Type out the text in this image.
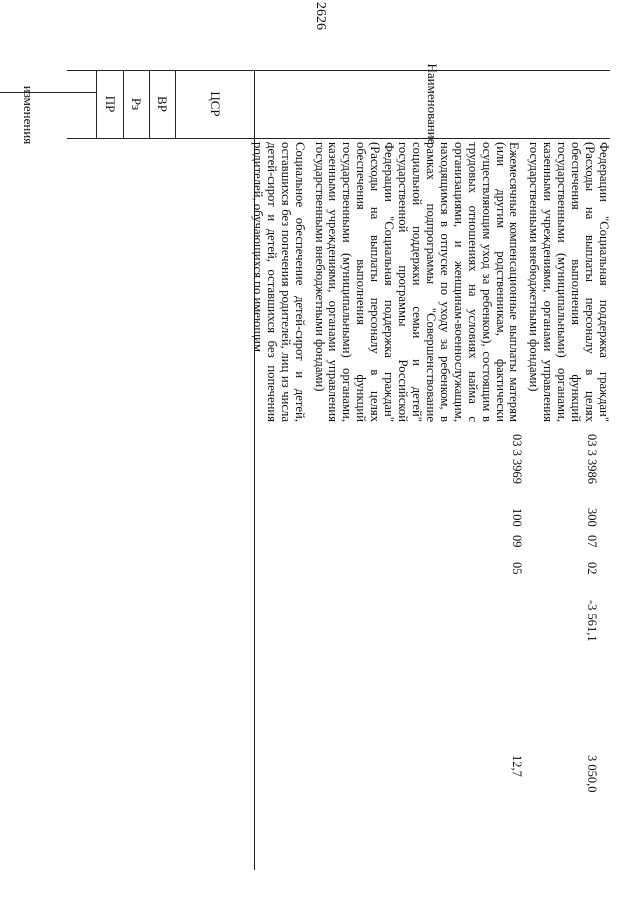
2626
Наименование
ЦСР
ВР
Рз
ПР
изменения
Федерации "Социальная поддержка граждан" (Расходы на выплаты персоналу в целях обеспечения выполнения функций государственными (муниципальными) органами, казенными учреждениями, органами управления государственными внебюджетными фондами)
Ежемесячные компенсационные выплаты матерям (или другим родственникам, фактически осуществляющим уход за ребенком), состоящим в трудовых отношениях на условиях найма с организациями, и женщинам-военнослужащим, находящимся в отпуске по уходу за ребенком, в рамках подпрограммы "Совершенствование социальной поддержки семьи и детей" государственной программы Российской Федерации "Социальная поддержка граждан" (Расходы на выплаты персоналу в целях обеспечения выполнения функций государственными (муниципальными) органами, казенными учреждениями, органами управления государственными внебюджетными фондами)
Социальное обеспечение детей-сирот и детей, оставшихся без попечения родителей, лиц из числа детей-сирот и детей, оставшихся без попечения родителей, обучающихся по имеющим
03 3 3969
100
09
05
12,7
03 3 3986
300
07
02
-3 561,1
3 050,0
